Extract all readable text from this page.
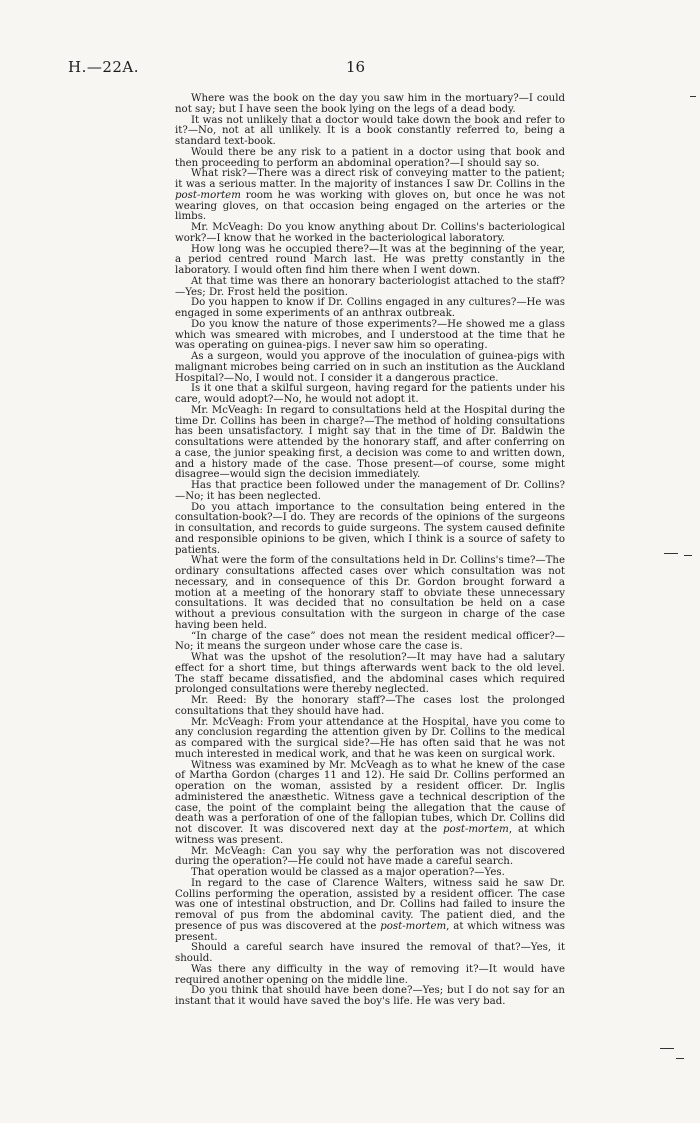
H.—22A.	16

Where was the book on the day you saw him in the mortuary?—I could not say; but I have seen the book lying on the legs of a dead body.

It was not unlikely that a doctor would take down the book and refer to it?—No, not at all unlikely. It is a book constantly referred to, being a standard text-book.

Would there be any risk to a patient in a doctor using that book and then proceeding to perform an abdominal operation?—I should say so.

What risk?—There was a direct risk of conveying matter to the patient; it was a serious matter. In the majority of instances I saw Dr. Collins in the post-mortem room he was working with gloves on, but once he was not wearing gloves, on that occasion being engaged on the arteries or the limbs.

Mr. McVeagh: Do you know anything about Dr. Collins's bacteriological work?—I know that he worked in the bacteriological laboratory.

How long was he occupied there?—It was at the beginning of the year, a period centred round March last. He was pretty constantly in the laboratory. I would often find him there when I went down.

At that time was there an honorary bacteriologist attached to the staff?—Yes; Dr. Frost held the position.

Do you happen to know if Dr. Collins engaged in any cultures?—He was engaged in some experiments of an anthrax outbreak.

Do you know the nature of those experiments?—He showed me a glass which was smeared with microbes, and I understood at the time that he was operating on guinea-pigs. I never saw him so operating.

As a surgeon, would you approve of the inoculation of guinea-pigs with malignant microbes being carried on in such an institution as the Auckland Hospital?—No, I would not. I consider it a dangerous practice.

Is it one that a skilful surgeon, having regard for the patients under his care, would adopt?—No, he would not adopt it.

Mr. McVeagh: In regard to consultations held at the Hospital during the time Dr. Collins has been in charge?—The method of holding consultations has been unsatisfactory. I might say that in the time of Dr. Baldwin the consultations were attended by the honorary staff, and after conferring on a case, the junior speaking first, a decision was come to and written down, and a history made of the case. Those present—of course, some might disagree—would sign the decision immediately.

Has that practice been followed under the management of Dr. Collins?—No; it has been neglected.

Do you attach importance to the consultation being entered in the consultation-book?—I do. They are records of the opinions of the surgeons in consultation, and records to guide surgeons. The system caused definite and responsible opinions to be given, which I think is a source of safety to patients.

What were the form of the consultations held in Dr. Collins's time?—The ordinary consultations affected cases over which consultation was not necessary, and in consequence of this Dr. Gordon brought forward a motion at a meeting of the honorary staff to obviate these unnecessary consultations. It was decided that no consultation be held on a case without a previous consultation with the surgeon in charge of the case having been held.

“In charge of the case” does not mean the resident medical officer?—No; it means the surgeon under whose care the case is.

What was the upshot of the resolution?—It may have had a salutary effect for a short time, but things afterwards went back to the old level. The staff became dissatisfied, and the abdominal cases which required prolonged consultations were thereby neglected.

Mr. Reed: By the honorary staff?—The cases lost the prolonged consultations that they should have had.

Mr. McVeagh: From your attendance at the Hospital, have you come to any conclusion regarding the attention given by Dr. Collins to the medical as compared with the surgical side?—He has often said that he was not much interested in medical work, and that he was keen on surgical work.

Witness was examined by Mr. McVeagh as to what he knew of the case of Martha Gordon (charges 11 and 12). He said Dr. Collins performed an operation on the woman, assisted by a resident officer. Dr. Inglis administered the anæsthetic. Witness gave a technical description of the case, the point of the complaint being the allegation that the cause of death was a perforation of one of the fallopian tubes, which Dr. Collins did not discover. It was discovered next day at the post-mortem, at which witness was present.

Mr. McVeagh: Can you say why the perforation was not discovered during the operation?—He could not have made a careful search.

That operation would be classed as a major operation?—Yes.

In regard to the case of Clarence Walters, witness said he saw Dr. Collins performing the operation, assisted by a resident officer. The case was one of intestinal obstruction, and Dr. Collins had failed to insure the removal of pus from the abdominal cavity. The patient died, and the presence of pus was discovered at the post-mortem, at which witness was present.

Should a careful search have insured the removal of that?—Yes, it should.

Was there any difficulty in the way of removing it?—It would have required another opening on the middle line.

Do you think that should have been done?—Yes; but I do not say for an instant that it would have saved the boy's life. He was very bad.
